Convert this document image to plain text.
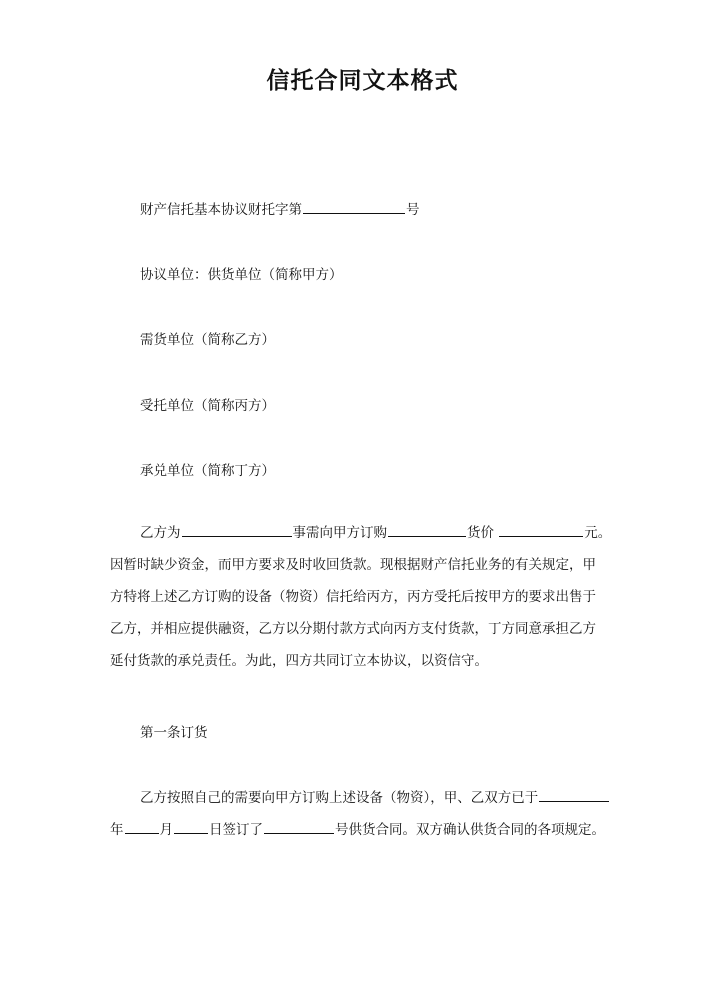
信托合同文本格式
财产信托基本协议财托字第	号
协议单位：供货单位（简称甲方）
需货单位（简称乙方）
受托单位（简称丙方）
承兑单位（简称丁方）
乙方为	事需向甲方订购	货价	元。
因暂时缺少资金，而甲方要求及时收回货款。现根据财产信托业务的有关规定，甲
方特将上述乙方订购的设备（物资）信托给丙方，丙方受托后按甲方的要求出售于
乙方，并相应提供融资，乙方以分期付款方式向丙方支付货款，丁方同意承担乙方
延付货款的承兑责任。为此，四方共同订立本协议，以资信守。
第一条订货
乙方按照自己的需要向甲方订购上述设备（物资），甲、乙双方已于
年	月	日签订了	号供货合同。双方确认供货合同的各项规定。
